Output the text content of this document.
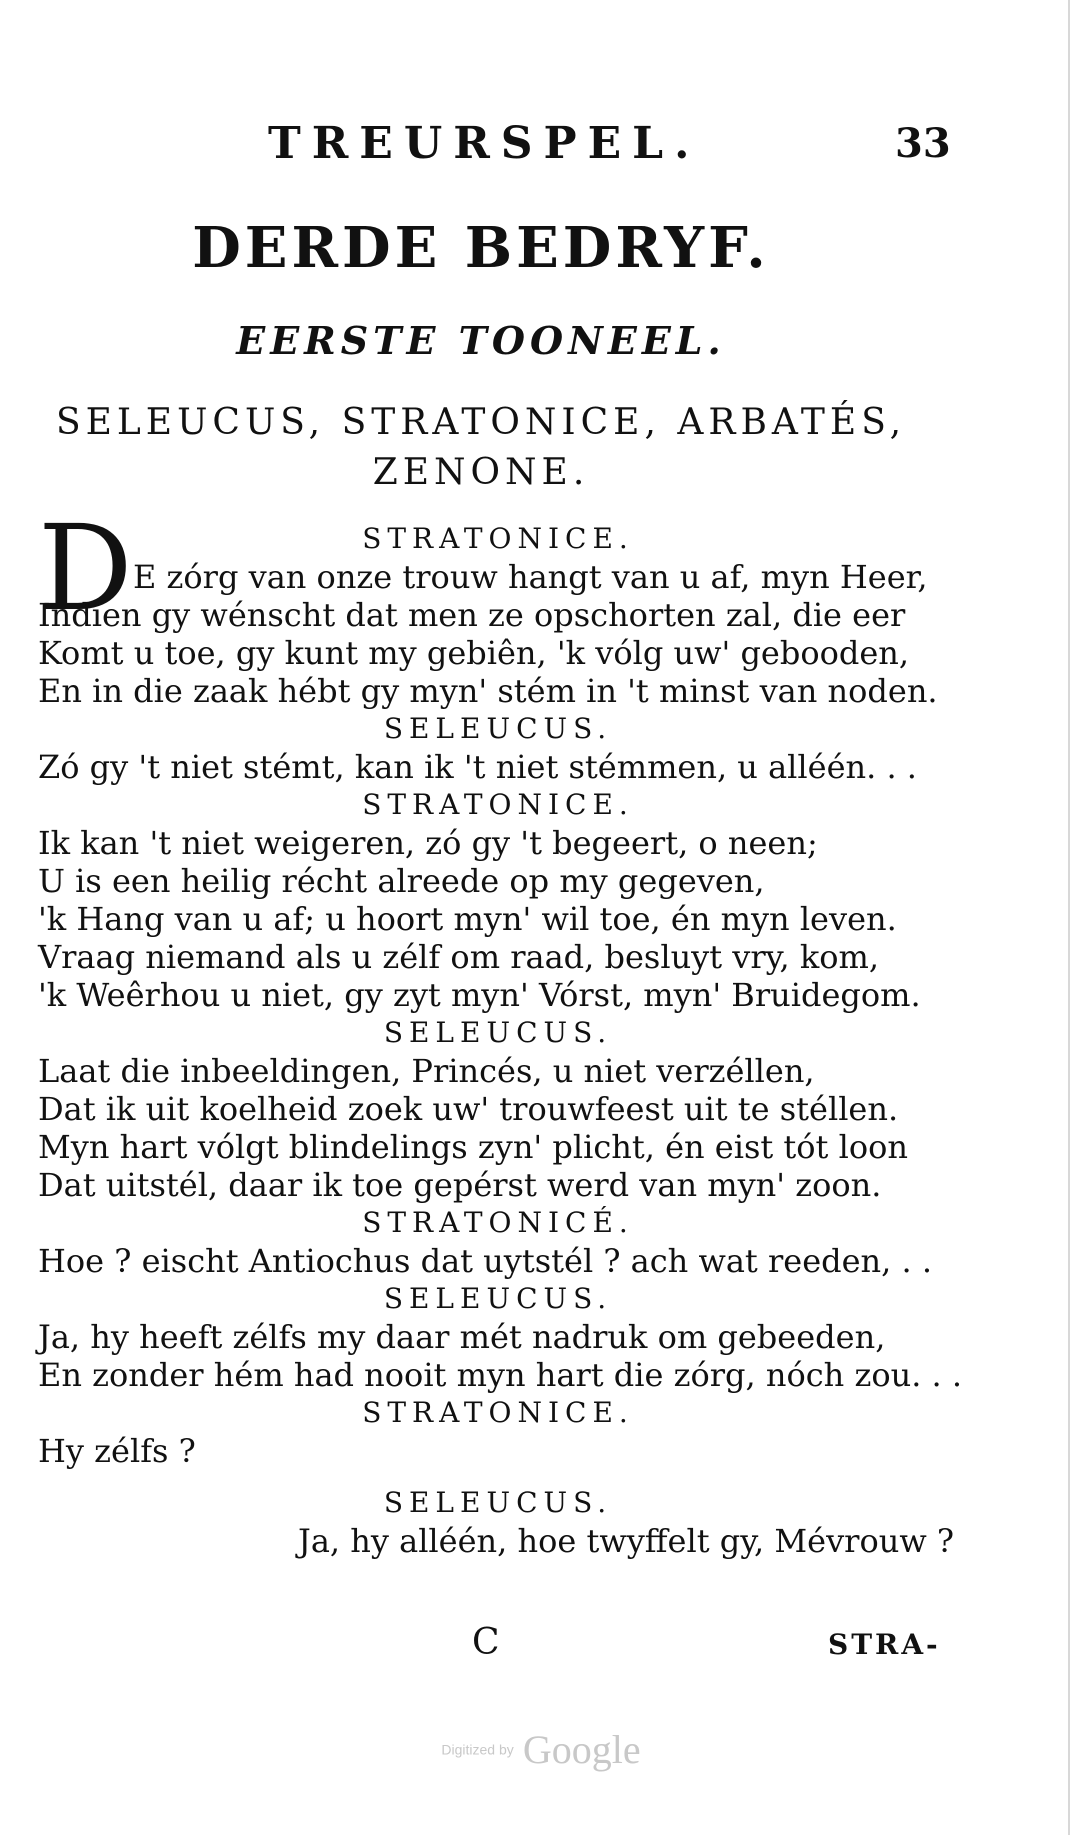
TREURSPEL.	33
DERDE BEDRYF.
EERSTE TOONEEL.
SELEUCUS, STRATONICE, ARBATÉS,
ZENONE.
D	STRATONICE.
E zórg van onze trouw hangt van u af, myn Heer,
Indien gy wénscht dat men ze opschorten zal, die eer
Komt u toe, gy kunt my gebiên, 'k vólg uw' gebooden,
En in die zaak hébt gy myn' stém in 't minst van noden.
SELEUCUS.
Zó gy 't niet stémt, kan ik 't niet stémmen, u alléén. . .
STRATONICE.
Ik kan 't niet weigeren, zó gy 't begeert, o neen;
U is een heilig récht alreede op my gegeven,
'k Hang van u af; u hoort myn' wil toe, én myn leven.
Vraag niemand als u zélf om raad, besluyt vry, kom,
'k Weêrhou u niet, gy zyt myn' Vórst, myn' Bruidegom.
SELEUCUS.
Laat die inbeeldingen, Princés, u niet verzéllen,
Dat ik uit koelheid zoek uw' trouwfeest uit te stéllen.
Myn hart vólgt blindelings zyn' plicht, én eist tót loon
Dat uitstél, daar ik toe gepérst werd van myn' zoon.
STRATONICÉ.
Hoe ? eischt Antiochus dat uytstél ? ach wat reeden, . .
SELEUCUS.
Ja, hy heeft zélfs my daar mét nadruk om gebeeden,
En zonder hém had nooit myn hart die zórg, nóch zou. . .
STRATONICE.
Hy zélfs ?
SELEUCUS.
Ja, hy alléén, hoe twyffelt gy, Mévrouw ?
C	STRA-
Digitized by Google
